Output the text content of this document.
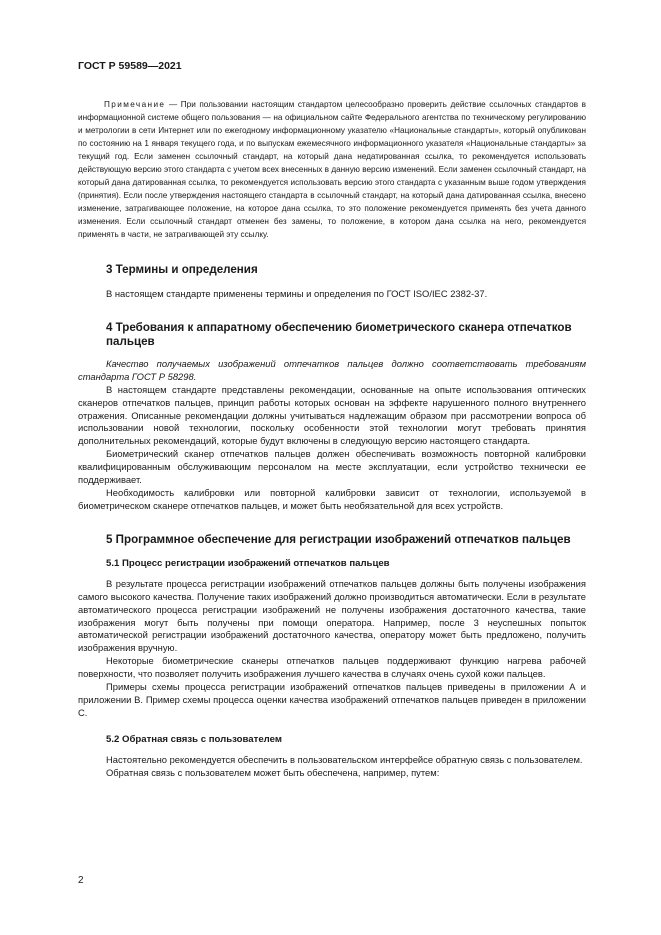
ГОСТ Р 59589—2021

Примечание — При пользовании настоящим стандартом целесообразно проверить действие ссылочных стандартов в информационной системе общего пользования — на официальном сайте Федерального агентства по техническому регулированию и метрологии в сети Интернет или по ежегодному информационному указателю «Национальные стандарты», который опубликован по состоянию на 1 января текущего года, и по выпускам ежемесячного информационного указателя «Национальные стандарты» за текущий год. Если заменен ссылочный стандарт, на который дана недатированная ссылка, то рекомендуется использовать действующую версию этого стандарта с учетом всех внесенных в данную версию изменений. Если заменен ссылочный стандарт, на который дана датированная ссылка, то рекомендуется использовать версию этого стандарта с указанным выше годом утверждения (принятия). Если после утверждения настоящего стандарта в ссылочный стандарт, на который дана датированная ссылка, внесено изменение, затрагивающее положение, на которое дана ссылка, то это положение рекомендуется применять без учета данного изменения. Если ссылочный стандарт отменен без замены, то положение, в котором дана ссылка на него, рекомендуется применять в части, не затрагивающей эту ссылку.

3 Термины и определения

В настоящем стандарте применены термины и определения по ГОСТ ISO/IEC 2382-37.

4 Требования к аппаратному обеспечению биометрического сканера отпечатков пальцев

Качество получаемых изображений отпечатков пальцев должно соответствовать требованиям стандарта ГОСТ Р 58298.

В настоящем стандарте представлены рекомендации, основанные на опыте использования оптических сканеров отпечатков пальцев, принцип работы которых основан на эффекте нарушенного полного внутреннего отражения. Описанные рекомендации должны учитываться надлежащим образом при рассмотрении вопроса об использовании новой технологии, поскольку особенности этой технологии могут требовать принятия дополнительных рекомендаций, которые будут включены в следующую версию настоящего стандарта.

Биометрический сканер отпечатков пальцев должен обеспечивать возможность повторной калибровки квалифицированным обслуживающим персоналом на месте эксплуатации, если устройство технически ее поддерживает.

Необходимость калибровки или повторной калибровки зависит от технологии, используемой в биометрическом сканере отпечатков пальцев, и может быть необязательной для всех устройств.

5 Программное обеспечение для регистрации изображений отпечатков пальцев
5.1 Процесс регистрации изображений отпечатков пальцев

В результате процесса регистрации изображений отпечатков пальцев должны быть получены изображения самого высокого качества. Получение таких изображений должно производиться автоматически. Если в результате автоматического процесса регистрации изображений не получены изображения достаточного качества, такие изображения могут быть получены при помощи оператора. Например, после 3 неуспешных попыток автоматической регистрации изображений достаточного качества, оператору может быть предложено, получить изображения вручную.

Некоторые биометрические сканеры отпечатков пальцев поддерживают функцию нагрева рабочей поверхности, что позволяет получить изображения лучшего качества в случаях очень сухой кожи пальцев.

Примеры схемы процесса регистрации изображений отпечатков пальцев приведены в приложении А и приложении В. Пример схемы процесса оценки качества изображений отпечатков пальцев приведен в приложении С.

5.2 Обратная связь с пользователем

Настоятельно рекомендуется обеспечить в пользовательском интерфейсе обратную связь с пользователем.

Обратная связь с пользователем может быть обеспечена, например, путем:

2
